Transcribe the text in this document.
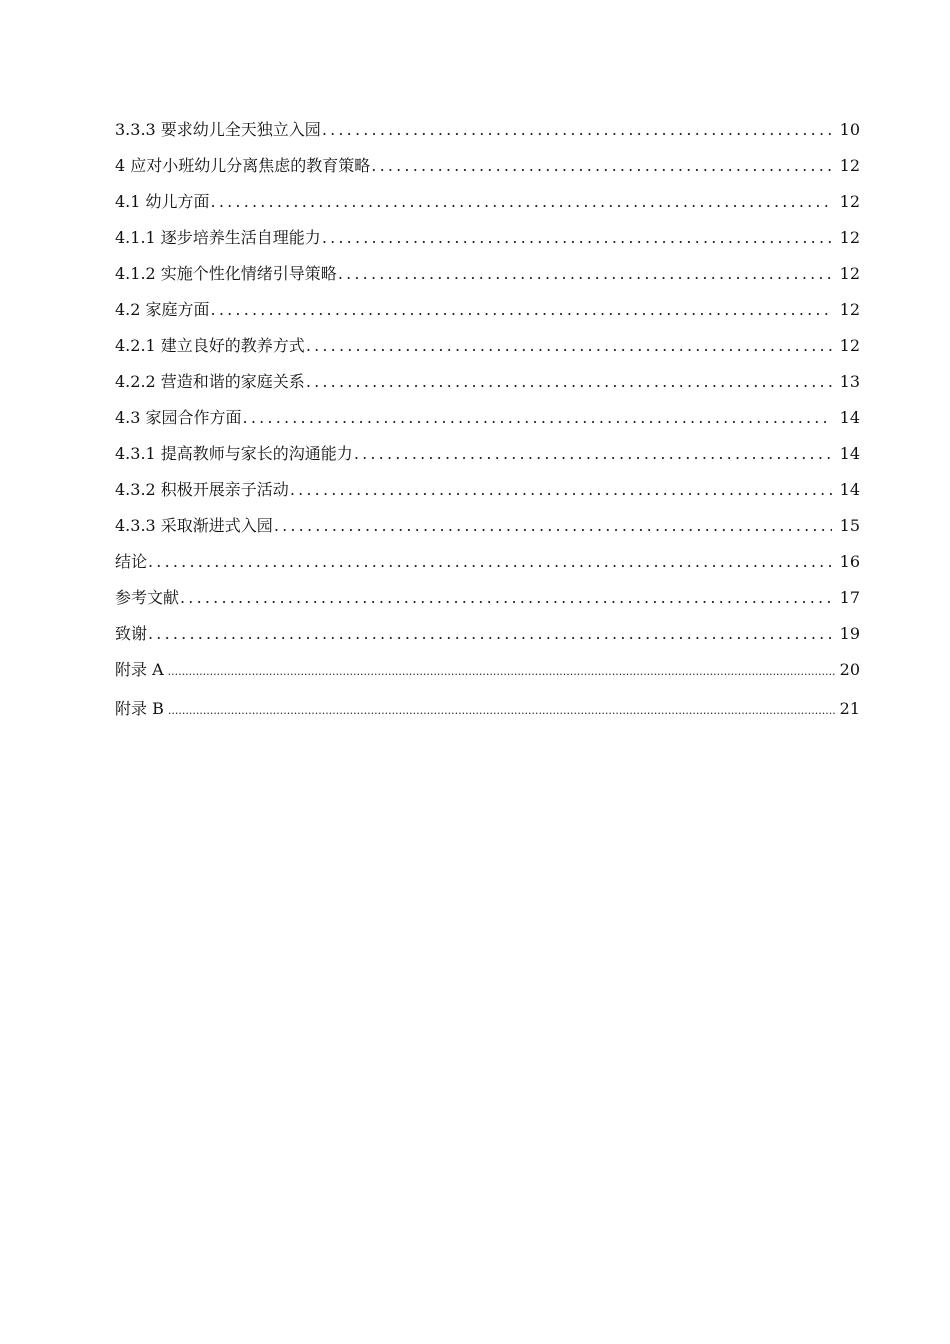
3.3.3 要求幼儿全天独立入园 .....	10
4 应对小班幼儿分离焦虑的教育策略 .....	12
4.1 幼儿方面 .....	12
4.1.1 逐步培养生活自理能力 .....	12
4.1.2 实施个性化情绪引导策略 .....	12
4.2 家庭方面 .....	12
4.2.1 建立良好的教养方式 .....	12
4.2.2 营造和谐的家庭关系 .....	13
4.3 家园合作方面 .....	14
4.3.1 提高教师与家长的沟通能力 .....	14
4.3.2 积极开展亲子活动 .....	14
4.3.3 采取渐进式入园 .....	15
结论 .....	16
参考文献 .....	17
致谢 .....	19
附录 A .....	20
附录 B .....	21
